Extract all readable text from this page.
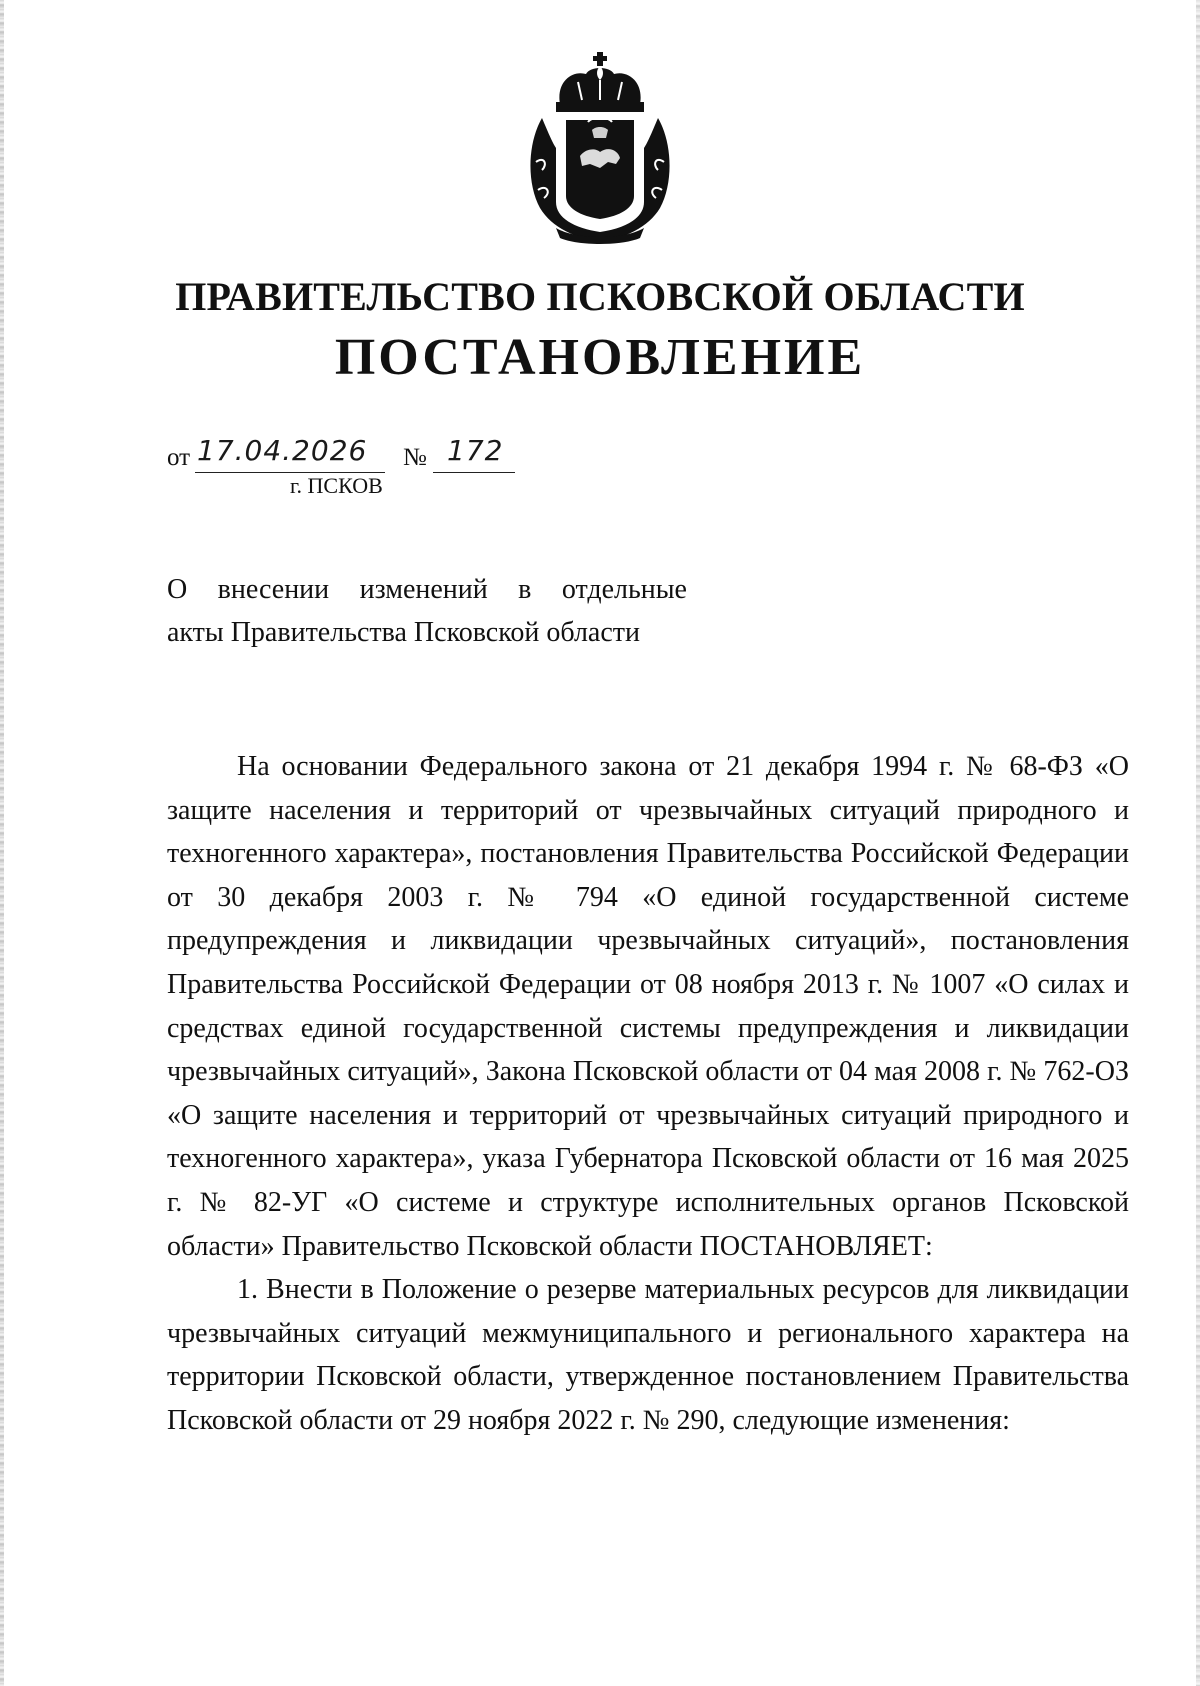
ПРАВИТЕЛЬСТВО ПСКОВСКОЙ ОБЛАСТИ
ПОСТАНОВЛЕНИЕ
от 17.04.2026 № 172
г. ПСКОВ
О внесении изменений в отдельные
акты Правительства Псковской области

На основании Федерального закона от 21 декабря 1994 г. № 68-ФЗ «О защите населения и территорий от чрезвычайных ситуаций природного и техногенного характера», постановления Правительства Российской Федерации от 30 декабря 2003 г. № 794 «О единой государственной системе предупреждения и ликвидации чрезвычайных ситуаций», постановления Правительства Российской Федерации от 08 ноября 2013 г. № 1007 «О силах и средствах единой государственной системы предупреждения и ликвидации чрезвычайных ситуаций», Закона Псковской области от 04 мая 2008 г. № 762-ОЗ «О защите населения и территорий от чрезвычайных ситуаций природного и техногенного характера», указа Губернатора Псковской области от 16 мая 2025 г. № 82-УГ «О системе и структуре исполнительных органов Псковской области» Правительство Псковской области ПОСТАНОВЛЯЕТ:

1. Внести в Положение о резерве материальных ресурсов для ликвидации чрезвычайных ситуаций межмуниципального и регионального характера на территории Псковской области, утвержденное постановлением Правительства Псковской области от 29 ноября 2022 г. № 290, следующие изменения:
